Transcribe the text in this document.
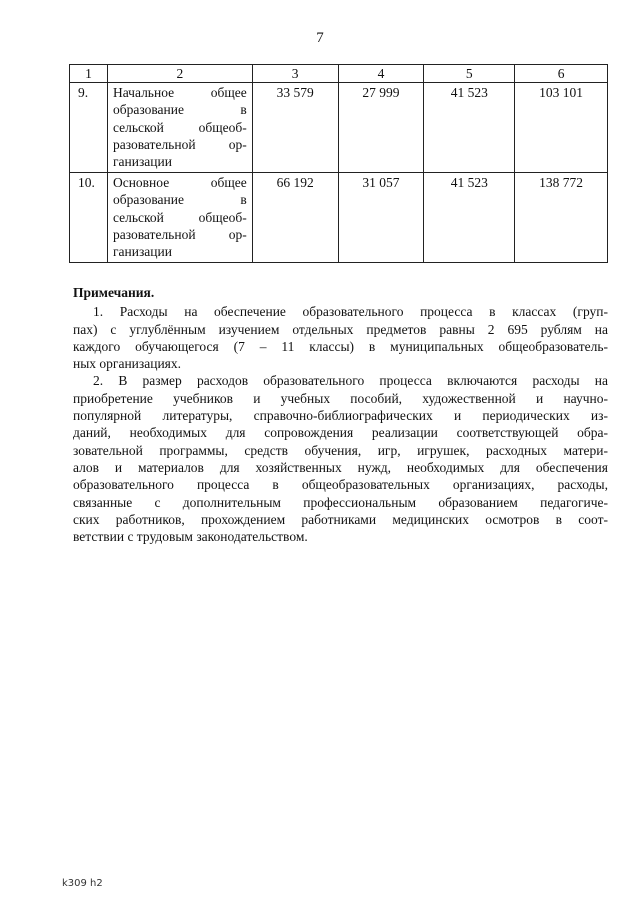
7
1	2	3	4	5	6
9.	Начальное общее
образование в
сельской общеоб-
разовательной ор-
ганизации	33 579	27 999	41 523	103 101
10.	Основное общее
образование в
сельской общеоб-
разовательной ор-
ганизации	66 192	31 057	41 523	138 772
Примечания.
1. Расходы на обеспечение образовательного процесса в классах (груп-
пах) с углублённым изучением отдельных предметов равны 2 695 рублям на
каждого обучающегося (7 – 11 классы) в муниципальных общеобразователь-
ных организациях.
2. В размер расходов образовательного процесса включаются расходы на
приобретение учебников и учебных пособий, художественной и научно-
популярной литературы, справочно-библиографических и периодических из-
даний, необходимых для сопровождения реализации соответствующей обра-
зовательной программы, средств обучения, игр, игрушек, расходных матери-
алов и материалов для хозяйственных нужд, необходимых для обеспечения
образовательного процесса в общеобразовательных организациях, расходы,
связанные с дополнительным профессиональным образованием педагогиче-
ских работников, прохождением работниками медицинских осмотров в соот-
ветствии с трудовым законодательством.
k309 h2
